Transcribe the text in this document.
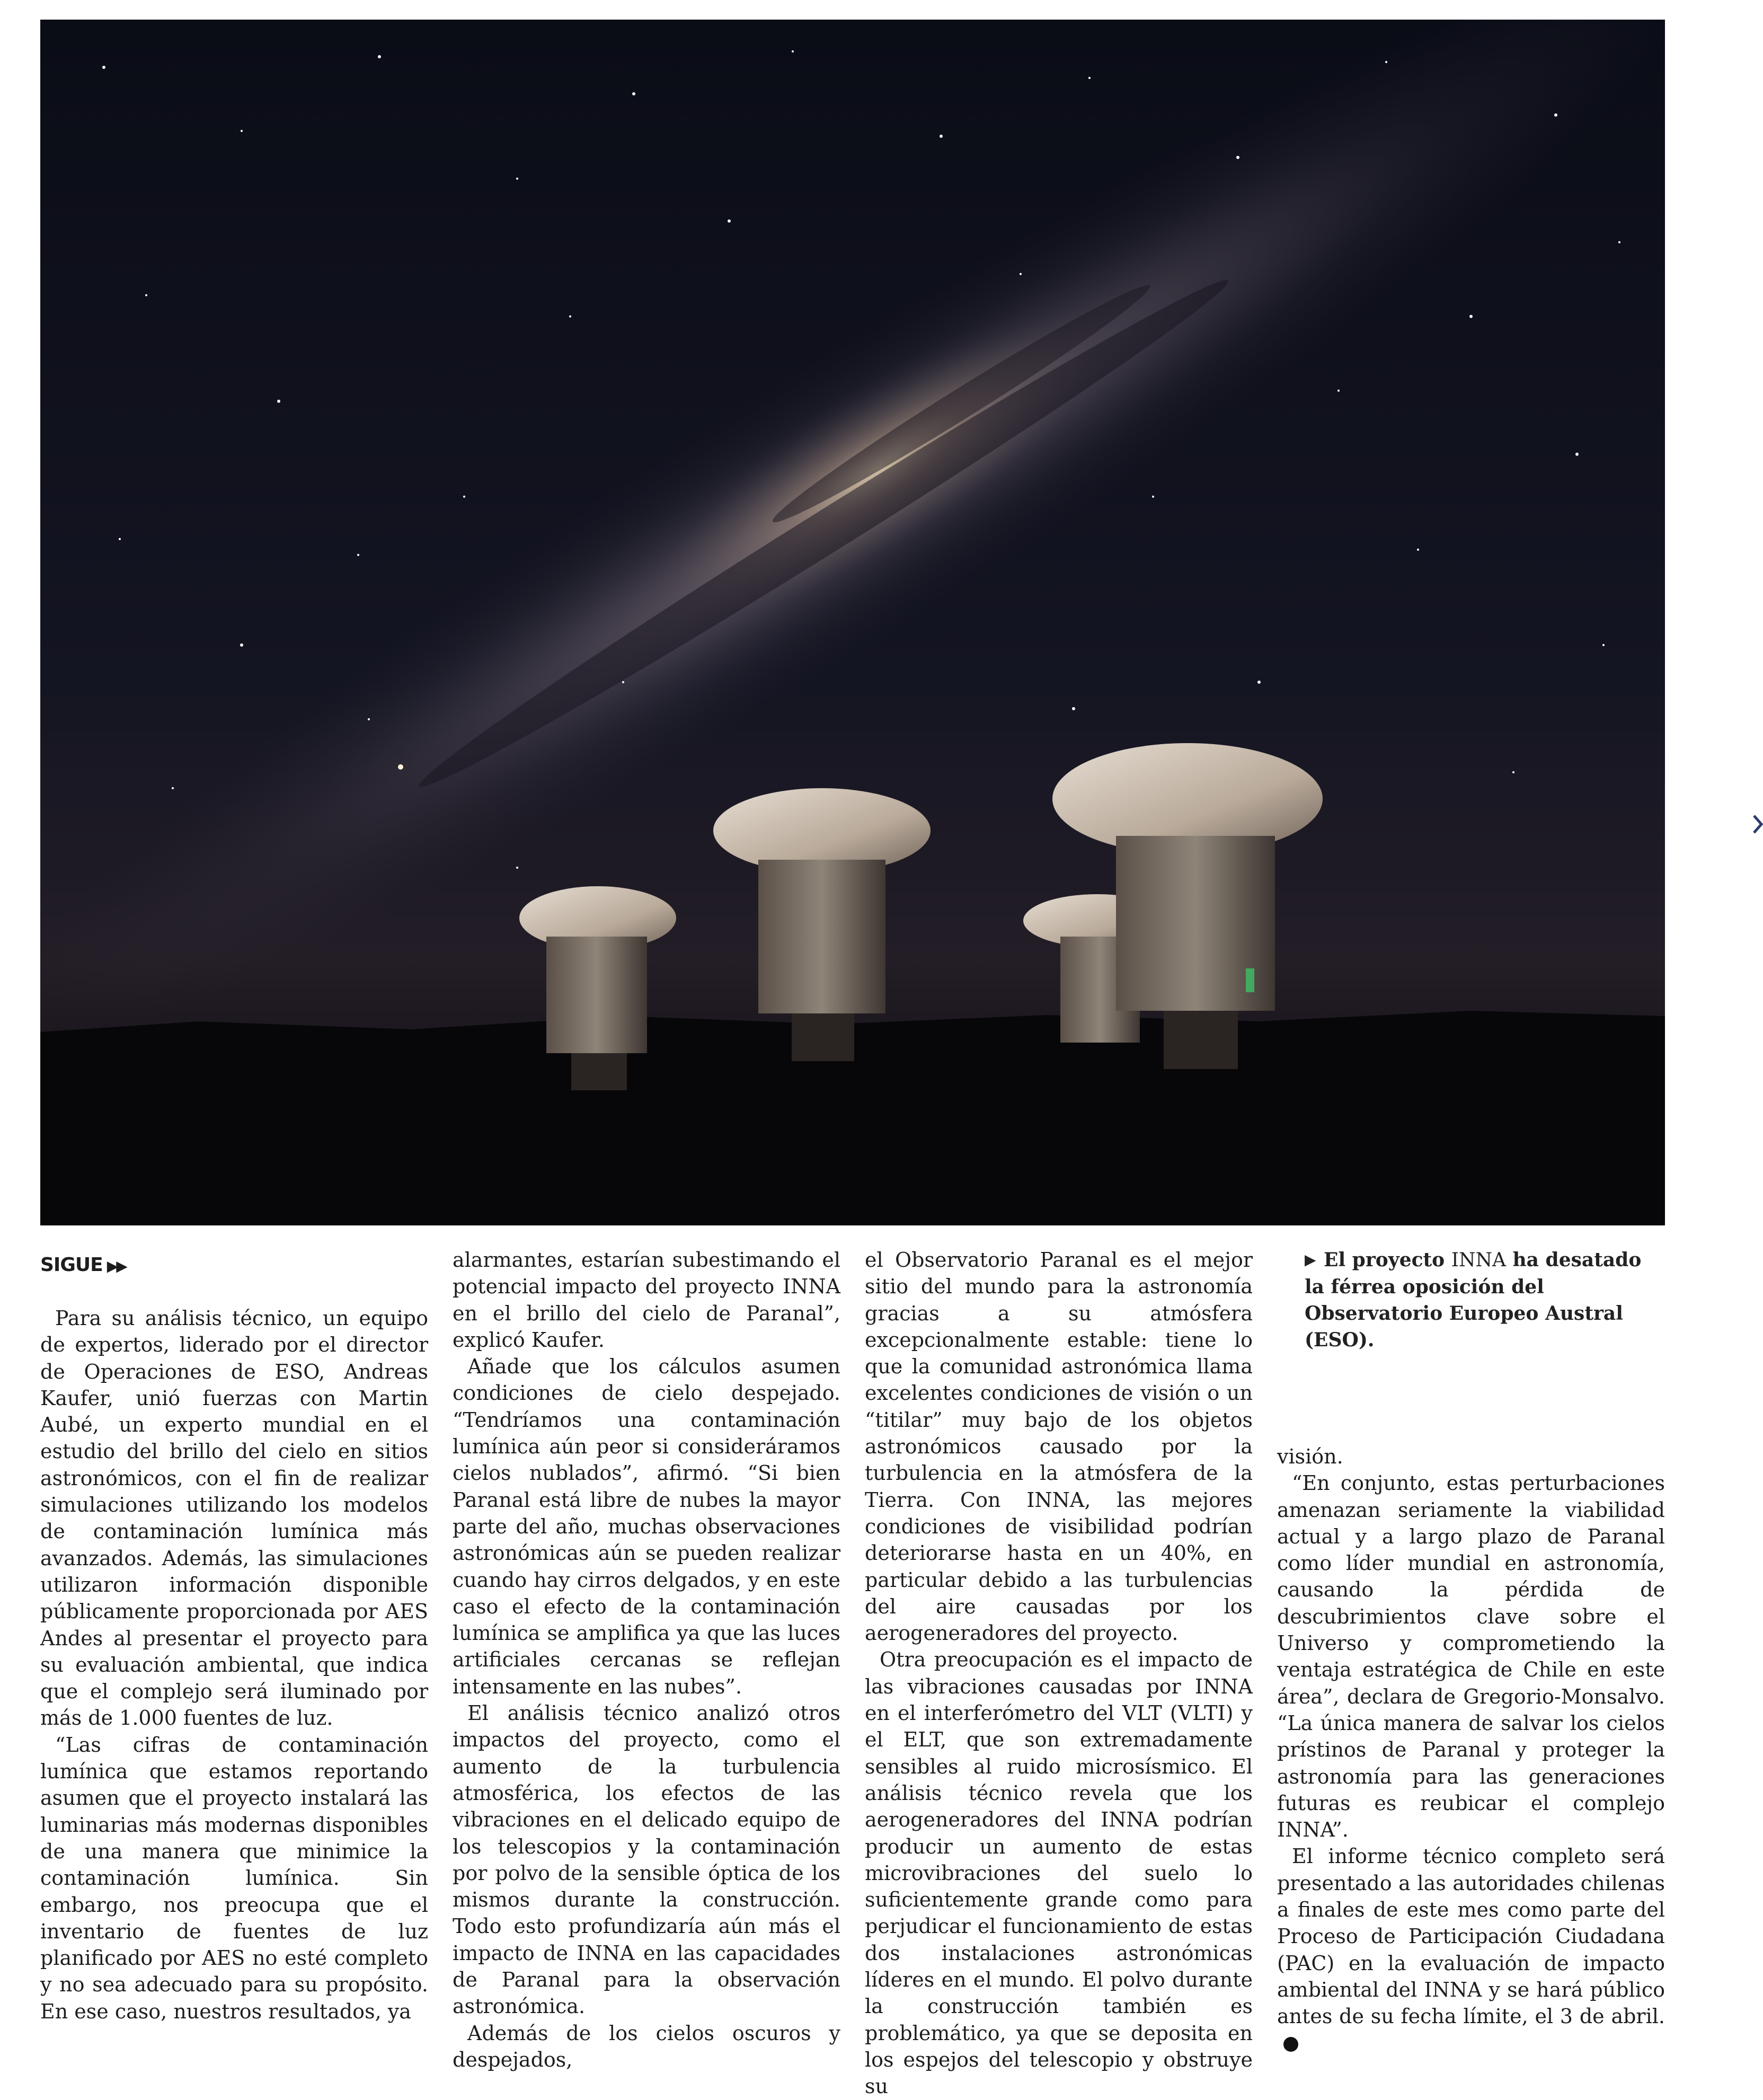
SIGUE ▶▶

Para su análisis técnico, un equipo de expertos, liderado por el director de Operaciones de ESO, Andreas Kaufer, unió fuerzas con Martin Aubé, un experto mundial en el estudio del brillo del cielo en sitios astronómicos, con el fin de realizar simulaciones utilizando los modelos de contaminación lumínica más avanzados. Además, las simulaciones utilizaron información disponible públicamente proporcionada por AES Andes al presentar el proyecto para su evaluación ambiental, que indica que el complejo será iluminado por más de 1.000 fuentes de luz.

“Las cifras de contaminación lumínica que estamos reportando asumen que el proyecto instalará las luminarias más modernas disponibles de una manera que minimice la contaminación lumínica. Sin embargo, nos preocupa que el inventario de fuentes de luz planificado por AES no esté completo y no sea adecuado para su propósito. En ese caso, nuestros resultados, ya

alarmantes, estarían subestimando el potencial impacto del proyecto INNA en el brillo del cielo de Paranal”, explicó Kaufer.

Añade que los cálculos asumen condiciones de cielo despejado. “Tendríamos una contaminación lumínica aún peor si consideráramos cielos nublados”, afirmó. “Si bien Paranal está libre de nubes la mayor parte del año, muchas observaciones astronómicas aún se pueden realizar cuando hay cirros delgados, y en este caso el efecto de la contaminación lumínica se amplifica ya que las luces artificiales cercanas se reflejan intensamente en las nubes”.

El análisis técnico analizó otros impactos del proyecto, como el aumento de la turbulencia atmosférica, los efectos de las vibraciones en el delicado equipo de los telescopios y la contaminación por polvo de la sensible óptica de los mismos durante la construcción. Todo esto profundizaría aún más el impacto de INNA en las capacidades de Paranal para la observación astronómica.

Además de los cielos oscuros y despejados,

el Observatorio Paranal es el mejor sitio del mundo para la astronomía gracias a su atmósfera excepcionalmente estable: tiene lo que la comunidad astronómica llama excelentes condiciones de visión o un “titilar” muy bajo de los objetos astronómicos causado por la turbulencia en la atmósfera de la Tierra. Con INNA, las mejores condiciones de visibilidad podrían deteriorarse hasta en un 40%, en particular debido a las turbulencias del aire causadas por los aerogeneradores del proyecto.

Otra preocupación es el impacto de las vibraciones causadas por INNA en el interferómetro del VLT (VLTI) y el ELT, que son extremadamente sensibles al ruido microsísmico. El análisis técnico revela que los aerogeneradores del INNA podrían producir un aumento de estas microvibraciones del suelo lo suficientemente grande como para perjudicar el funcionamiento de estas dos instalaciones astronómicas líderes en el mundo. El polvo durante la construcción también es problemático, ya que se deposita en los espejos del telescopio y obstruye su

▶ El proyecto INNA ha desatado la férrea oposición del Observatorio Europeo Austral (ESO).

visión.

“En conjunto, estas perturbaciones amenazan seriamente la viabilidad actual y a largo plazo de Paranal como líder mundial en astronomía, causando la pérdida de descubrimientos clave sobre el Universo y comprometiendo la ventaja estratégica de Chile en este área”, declara de Gregorio-Monsalvo. “La única manera de salvar los cielos prístinos de Paranal y proteger la astronomía para las generaciones futuras es reubicar el complejo INNA”.

El informe técnico completo será presentado a las autoridades chilenas a finales de este mes como parte del Proceso de Participación Ciudadana (PAC) en la evaluación de impacto ambiental del INNA y se hará público antes de su fecha límite, el 3 de abril.
